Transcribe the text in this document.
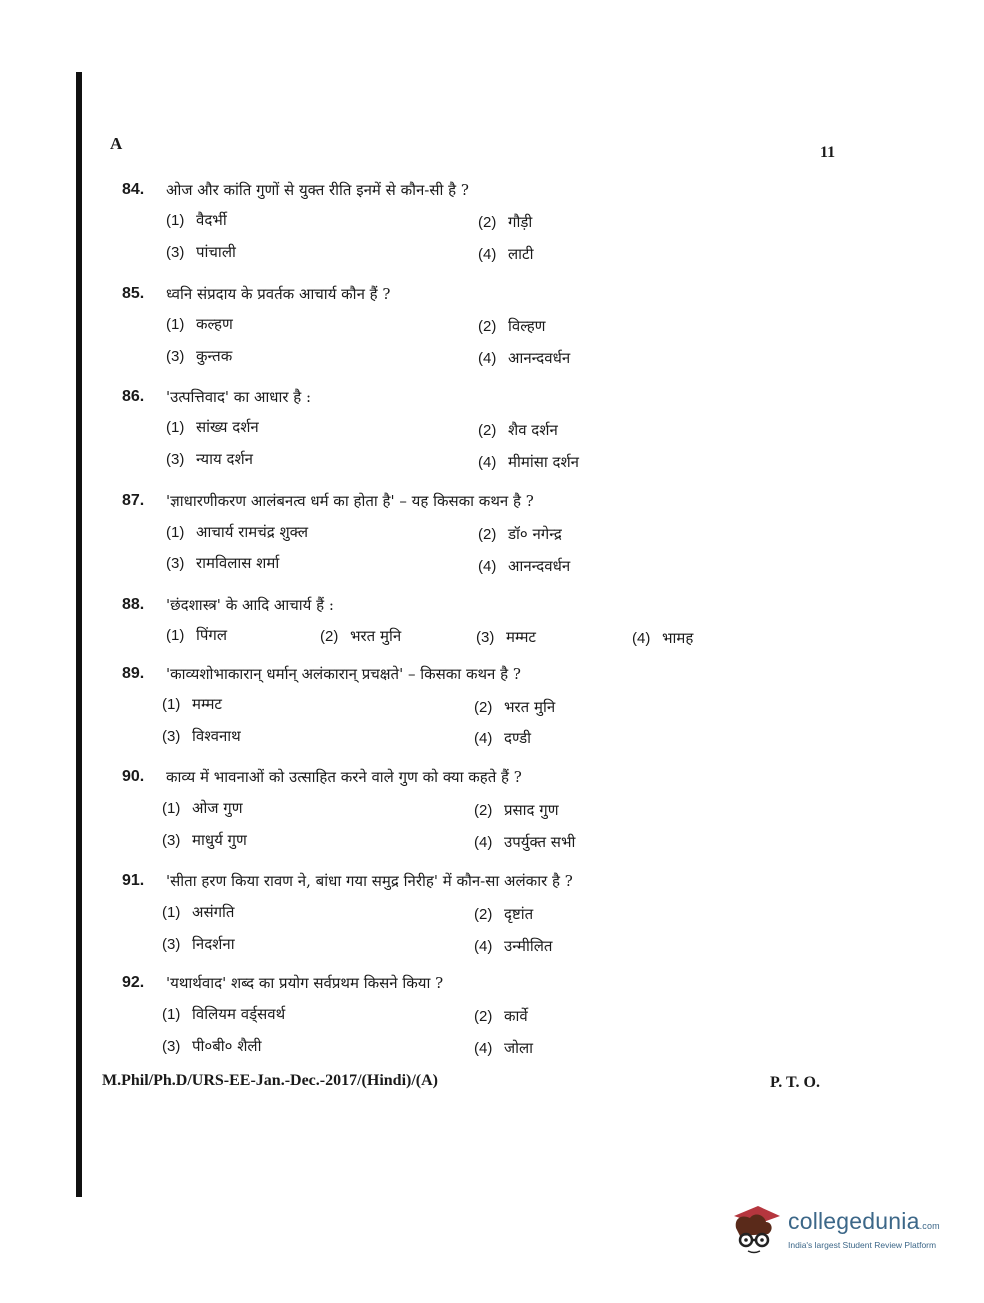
A	11
84. ओज और कांति गुणों से युक्त रीति इनमें से कौन-सी है ?
(1) वैदर्भी	(2) गौड़ी
(3) पांचाली	(4) लाटी
85. ध्वनि संप्रदाय के प्रवर्तक आचार्य कौन हैं ?
(1) कल्हण	(2) विल्हण
(3) कुन्तक	(4) आनन्दवर्धन
86. 'उत्पत्तिवाद' का आधार है :
(1) सांख्य दर्शन	(2) शैव दर्शन
(3) न्याय दर्शन	(4) मीमांसा दर्शन
87. 'ज्ञाधारणीकरण आलंबनत्व धर्म का होता है' – यह किसका कथन है ?
(1) आचार्य रामचंद्र शुक्ल	(2) डॉ० नगेन्द्र
(3) रामविलास शर्मा	(4) आनन्दवर्धन
88. 'छंदशास्त्र' के आदि आचार्य हैं :
(1) पिंगल	(2) भरत मुनि	(3) मम्मट	(4) भामह
89. 'काव्यशोभाकारान् धर्मान् अलंकारान् प्रचक्षते' – किसका कथन है ?
(1) मम्मट	(2) भरत मुनि
(3) विश्वनाथ	(4) दण्डी
90. काव्य में भावनाओं को उत्साहित करने वाले गुण को क्या कहते हैं ?
(1) ओज गुण	(2) प्रसाद गुण
(3) माधुर्य गुण	(4) उपर्युक्त सभी
91. 'सीता हरण किया रावण ने, बांधा गया समुद्र निरीह' में कौन-सा अलंकार है ?
(1) असंगति	(2) दृष्टांत
(3) निदर्शना	(4) उन्मीलित
92. 'यथार्थवाद' शब्द का प्रयोग सर्वप्रथम किसने किया ?
(1) विलियम वर्ड्सवर्थ	(2) कार्वे
(3) पी०बी० शैली	(4) जोला
M.Phil/Ph.D/URS-EE-Jan.-Dec.-2017/(Hindi)/(A)	P. T. O.
collegedunia.com
India's largest Student Review Platform
